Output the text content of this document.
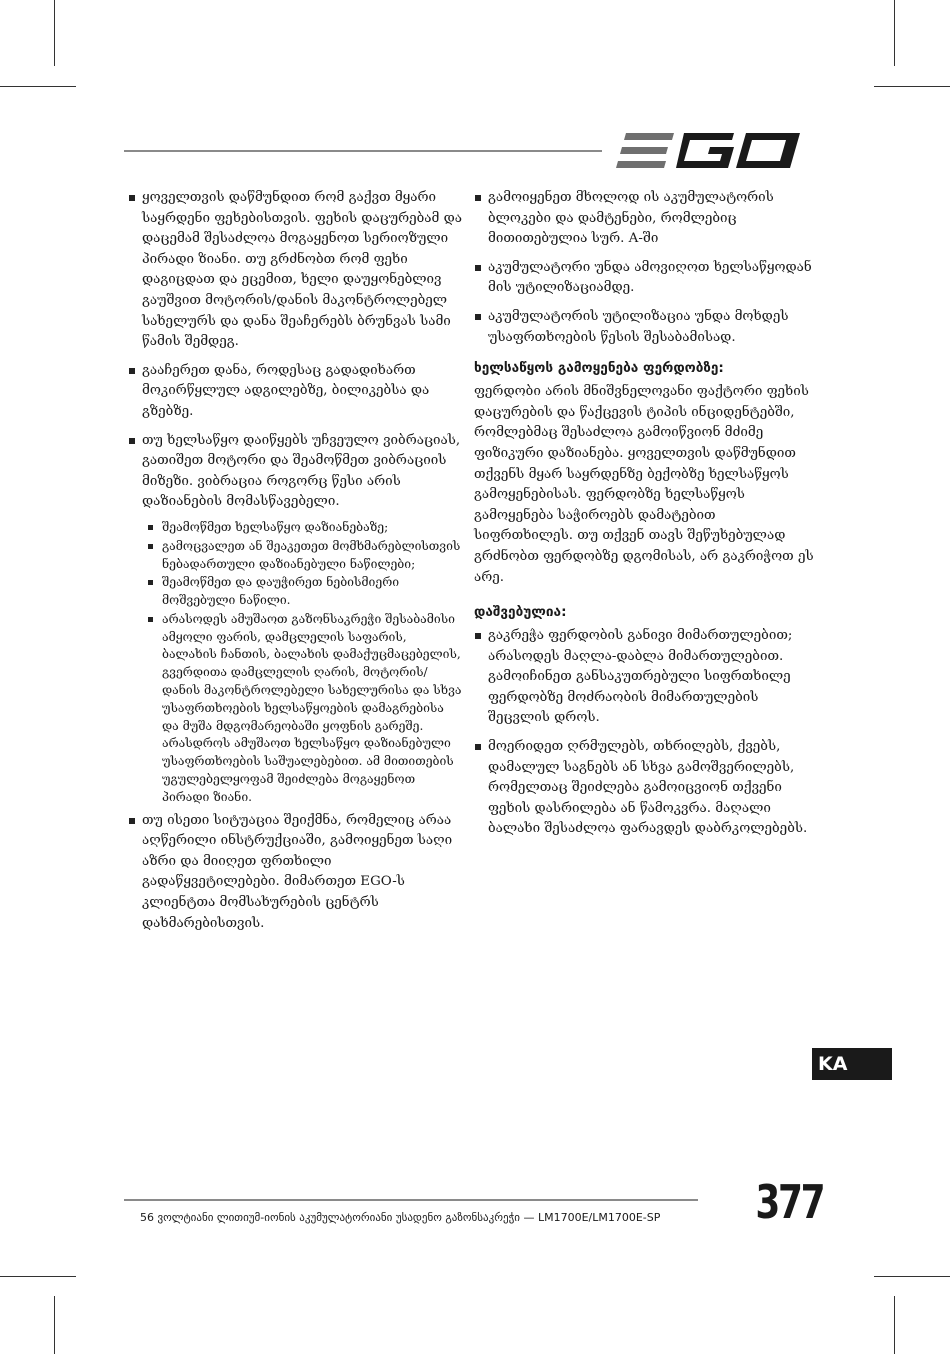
ყოველთვის დაწმუნდით რომ გაქვთ მყარი საყრდენი ფეხებისთვის. ფეხის დაცურებამ და დაცემამ შესაძლოა მოგაყენოთ სერიოზული პირადი ზიანი. თუ გრძნობთ რომ ფეხი დაგიცდათ და ეცემით, ხელი დაუყონებლივ გაუშვით მოტორის/დანის მაკონტროლებელ სახელურს და დანა შეაჩერებს ბრუნვას სამი წამის შემდეგ.
გააჩერეთ დანა, როდესაც გადადიხართ მოკირწყლულ ადგილებზე, ბილიკებსა და გზებზე.
თუ ხელსაწყო დაიწყებს უჩვეულო ვიბრაციას, გათიშეთ მოტორი და შეამოწმეთ ვიბრაციის მიზეზი. ვიბრაცია როგორც წესი არის დაზიანების მომასწავებელი.
შეამოწმეთ ხელსაწყო დაზიანებაზე;
გამოცვალეთ ან შეაკეთეთ მომხმარებლისთვის ნებადართული დაზიანებული ნაწილები;
შეამოწმეთ და დაუჭირეთ ნებისმიერი მოშვებული ნაწილი.
არასოდეს ამუშაოთ გაზონსაკრეჭი შესაბამისი ამყოლი ფარის, დამცლელის საფარის, ბალახის ჩანთის, ბალახის დამაქუცმაცებელის, გვერდითა დამცლელის ღარის, მოტორის/დანის მაკონტროლებელი სახელურისა და სხვა უსაფრთხოების ხელსაწყოების დამაგრებისა და მუშა მდგომარეობაში ყოფნის გარეშე. არასდროს ამუშაოთ ხელსაწყო დაზიანებული უსაფრთხოების საშუალებებით. ამ მითითების უგულებელყოფამ შეიძლება მოგაყენოთ პირადი ზიანი.
თუ ისეთი სიტუაცია შეიქმნა, რომელიც არაა აღწერილი ინსტრუქციაში, გამოიყენეთ საღი აზრი და მიიღეთ ფრთხილი გადაწყვეტილებები. მიმართეთ EGO-ს კლიენტთა მომსახურების ცენტრს დახმარებისთვის.
გამოიყენეთ მხოლოდ ის აკუმულატორის ბლოკები და დამტენები, რომლებიც მითითებულია სურ. A-ში
აკუმულატორი უნდა ამოვიღოთ ხელსაწყოდან მის უტილიზაციამდე.
აკუმულატორის უტილიზაცია უნდა მოხდეს უსაფრთხოების წესის შესაბამისად.
ხელსაწყოს გამოყენება ფერდობზე:

ფერდობი არის მნიშვნელოვანი ფაქტორი ფეხის დაცურების და წაქცევის ტიპის ინციდენტებში, რომლებმაც შესაძლოა გამოიწვიონ მძიმე ფიზიკური დაზიანება. ყოველთვის დაწმუნდით თქვენს მყარ საყრდენზე ბექობზე ხელსაწყოს გამოყენებისას. ფერდობზე ხელსაწყოს გამოყენება საჭიროებს დამატებით სიფრთხილეს. თუ თქვენ თავს შეწუხებულად გრძნობთ ფერდობზე დგომისას, არ გაკრიჭოთ ეს არე.

დაშვებულია:
გაკრეჭა ფერდობის განივი მიმართულებით; არასოდეს მაღლა-დაბლა მიმართულებით. გამოიჩინეთ განსაკუთრებული სიფრთხილე ფერდობზე მოძრაობის მიმართულების შეცვლის დროს.
მოერიდეთ ღრმულებს, თხრილებს, ქვებს, დამალულ საგნებს ან სხვა გამოშვერილებს, რომელთაც შეიძლება გამოიცვიონ თქვენი ფეხის დასრილება ან წამოკვრა. მაღალი ბალახი შესაძლოა ფარავდეს დაბრკოლებებს.
KA
56 ვოლტიანი ლითიუმ-იონის აკუმულატორიანი უსადენო გაზონსაკრეჭი — LM1700E/LM1700E-SP	377
